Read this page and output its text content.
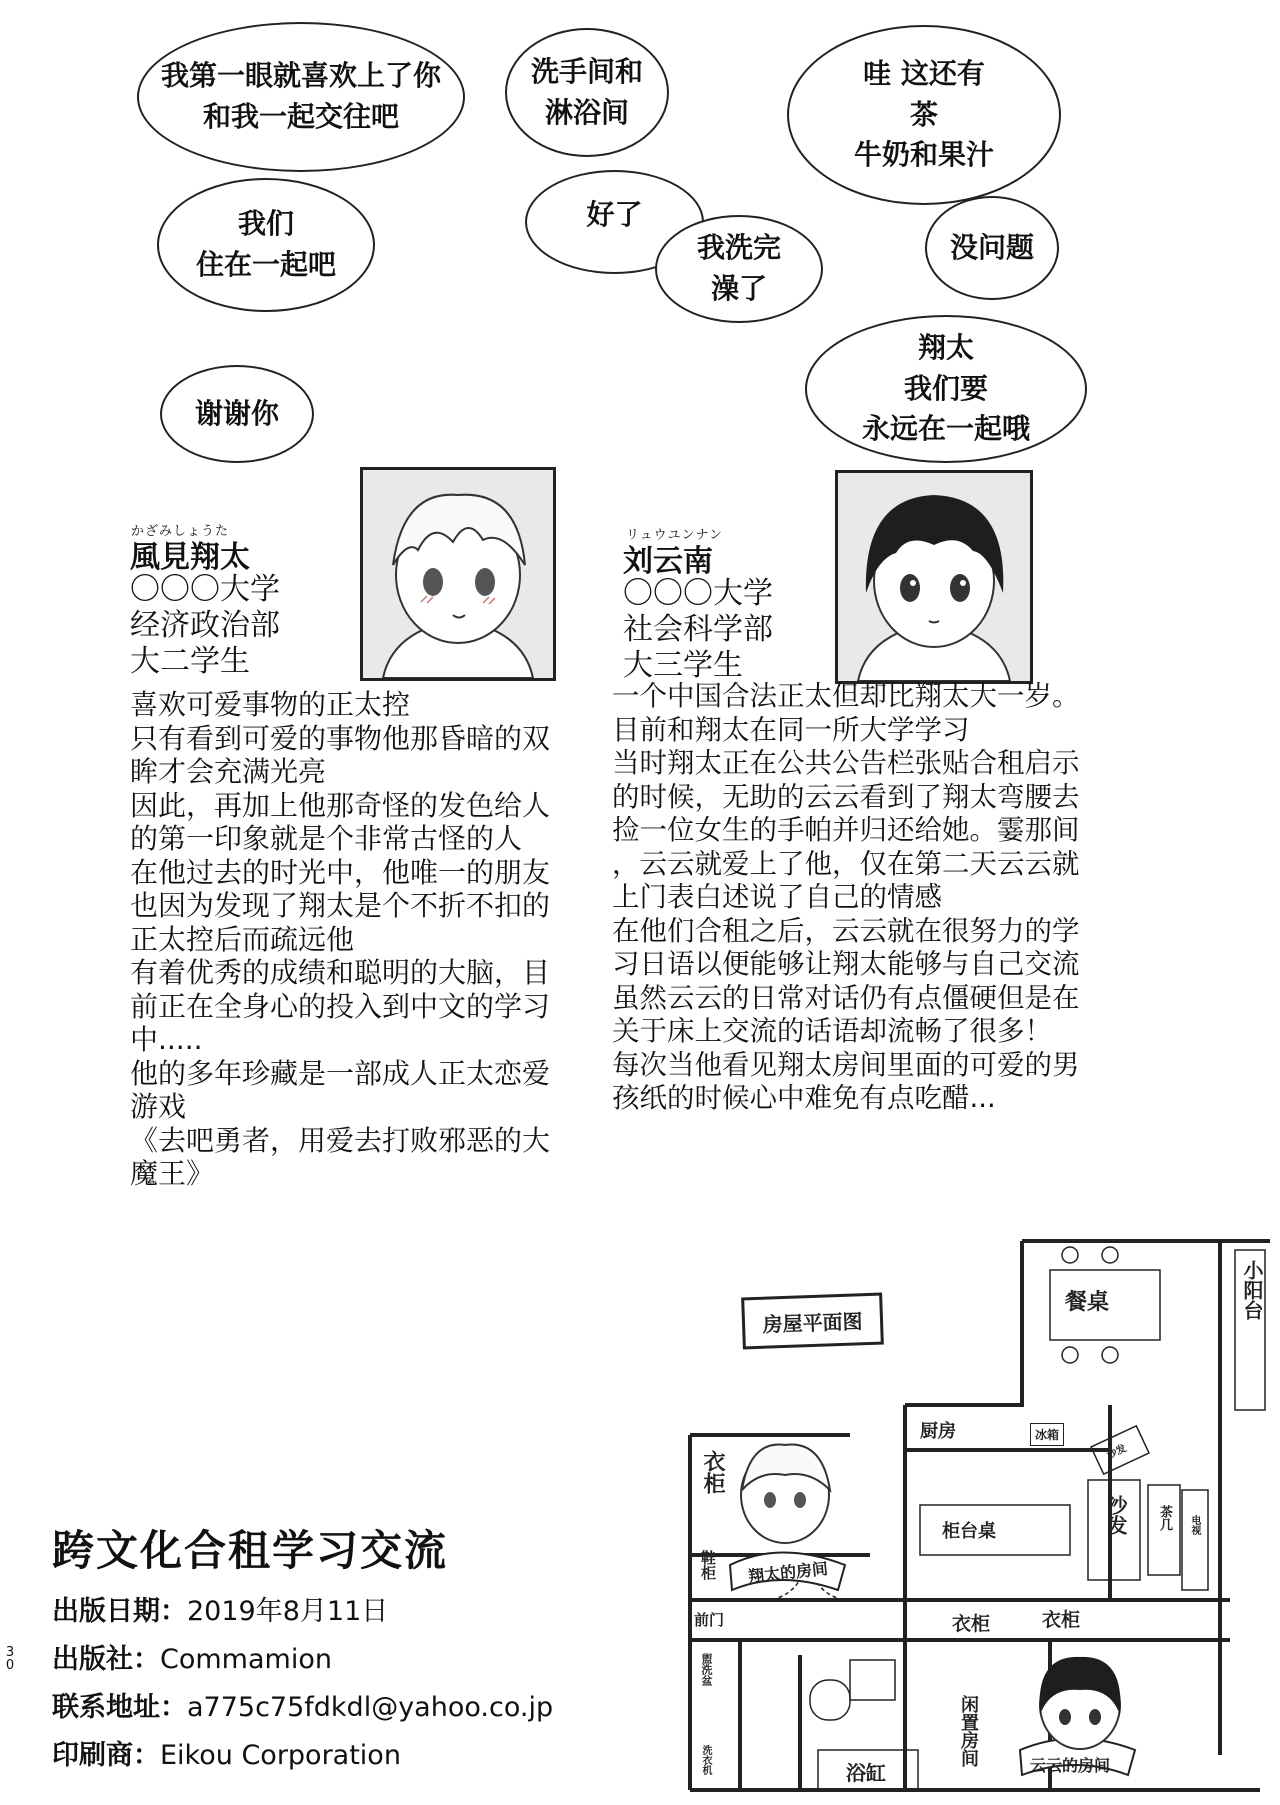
我第一眼就喜欢上了你
和我一起交往吧
洗手间和
淋浴间
哇 这还有
茶
牛奶和果汁
我们
住在一起吧
好了
我洗完
澡了
没问题
翔太
我们要
永远在一起哦
谢谢你
かざみしょうた
風見翔太
〇〇〇大学
经济政治部
大二学生
喜欢可爱事物的正太控
只有看到可爱的事物他那昏暗的双
眸才会充满光亮
因此，再加上他那奇怪的发色给人
的第一印象就是个非常古怪的人
在他过去的时光中，他唯一的朋友
也因为发现了翔太是个不折不扣的
正太控后而疏远他
有着优秀的成绩和聪明的大脑，目
前正在全身心的投入到中文的学习
中.....
他的多年珍藏是一部成人正太恋爱
游戏
《去吧勇者，用爱去打败邪恶的大
魔王》
リュウユンナン
刘云南
〇〇〇大学
社会科学部
大三学生
一个中国合法正太但却比翔太大一岁。
目前和翔太在同一所大学学习
当时翔太正在公共公告栏张贴合租启示
的时候，无助的云云看到了翔太弯腰去
捡一位女生的手帕并归还给她。霎那间
，云云就爱上了他，仅在第二天云云就
上门表白述说了自己的情感
在他们合租之后，云云就在很努力的学
习日语以便能够让翔太能够与自己交流
虽然云云的日常对话仍有点僵硬但是在
关于床上交流的话语却流畅了很多！
每次当他看见翔太房间里面的可爱的男
孩纸的时候心中难免有点吃醋...
跨文化合租学习交流
出版日期：2019年8月11日
出版社：Commamion
联系地址：a775c75fdkdl@yahoo.co.jp
印刷商：Eikou Corporation
3
0
房屋平面图
餐桌	小阳台
厨房	冰箱
柜台桌	沙发
沙发
茶几 电视
衣柜
翔太的房间
鞋柜
前门	衣柜	衣柜
盥洗盆
洗衣机	浴缸
闲置房间	云云的房间
